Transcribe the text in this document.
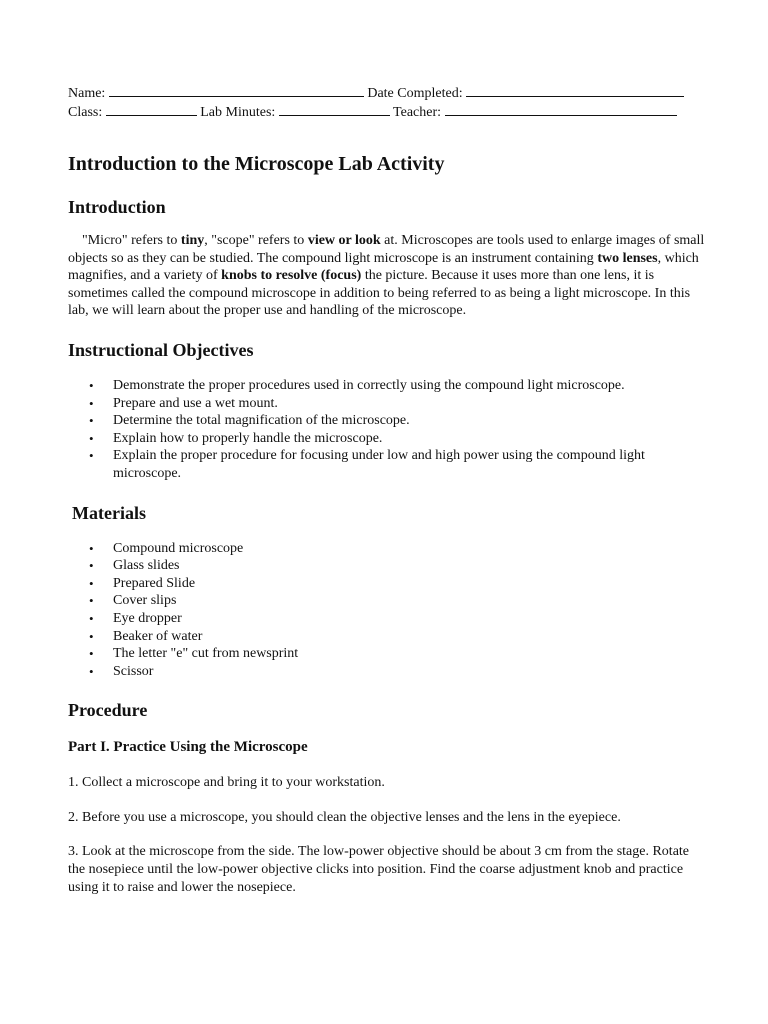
Name:	Date Completed:
Class:	Lab Minutes:	Teacher:
Introduction to the Microscope Lab Activity
Introduction

"Micro" refers to tiny, "scope" refers to view or look at. Microscopes are tools used to enlarge images of small objects so as they can be studied. The compound light microscope is an instrument containing two lenses, which magnifies, and a variety of knobs to resolve (focus) the picture. Because it uses more than one lens, it is sometimes called the compound microscope in addition to being referred to as being a light microscope. In this lab, we will learn about the proper use and handling of the microscope.

Instructional Objectives
• Demonstrate the proper procedures used in correctly using the compound light microscope.
• Prepare and use a wet mount.
• Determine the total magnification of the microscope.
• Explain how to properly handle the microscope.
• Explain the proper procedure for focusing under low and high power using the compound light microscope.
Materials
• Compound microscope
• Glass slides
• Prepared Slide
• Cover slips
• Eye dropper
• Beaker of water
• The letter "e" cut from newsprint
• Scissor
Procedure
Part I. Practice Using the Microscope

1. Collect a microscope and bring it to your workstation.

2. Before you use a microscope, you should clean the objective lenses and the lens in the eyepiece.

3. Look at the microscope from the side. The low-power objective should be about 3 cm from the stage. Rotate the nosepiece until the low-power objective clicks into position. Find the coarse adjustment knob and practice using it to raise and lower the nosepiece.
